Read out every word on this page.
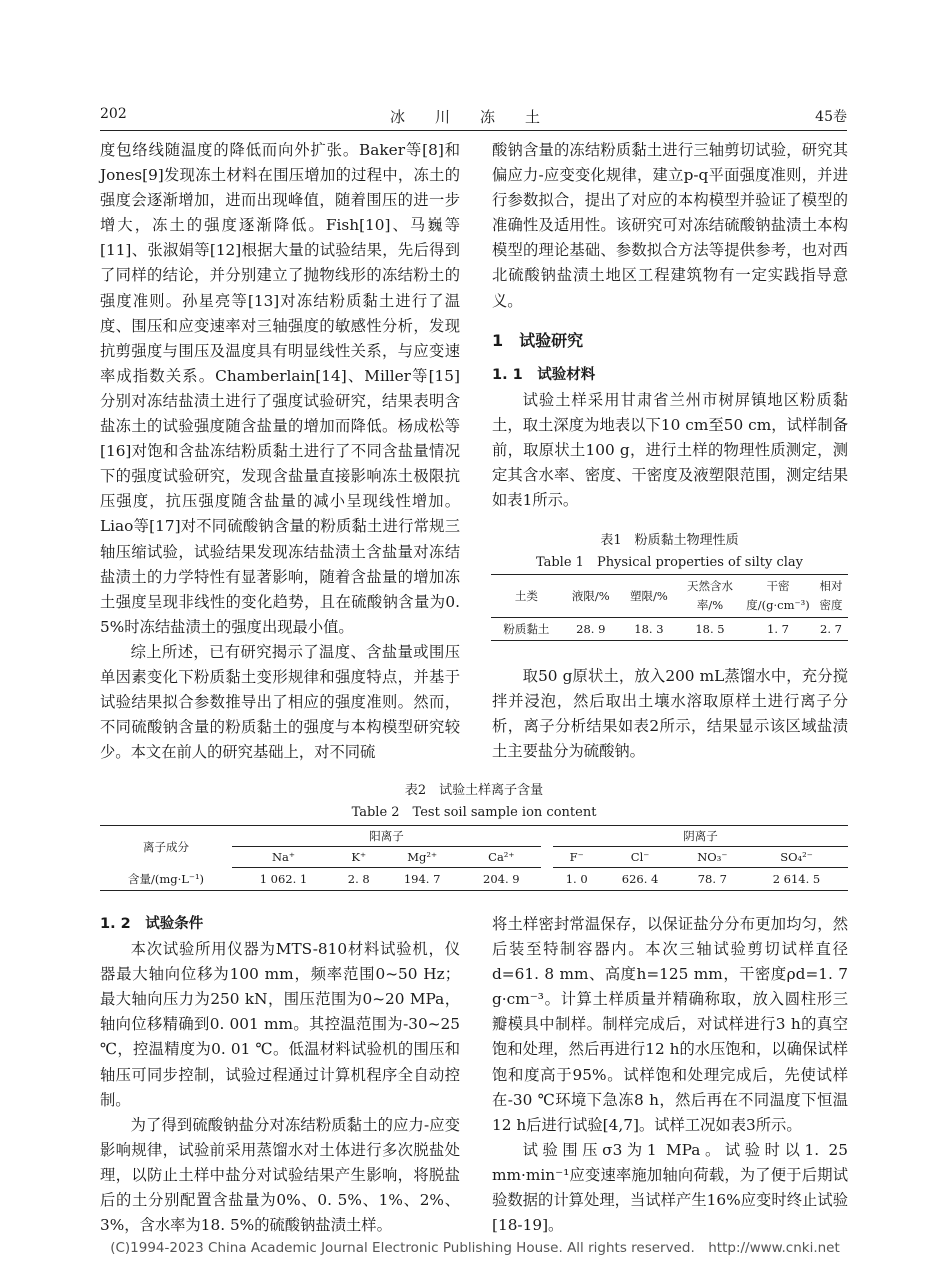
202	冰　　川　　冻　　土	45卷

度包络线随温度的降低而向外扩张。Baker等[8]和Jones[9]发现冻土材料在围压增加的过程中，冻土的强度会逐渐增加，进而出现峰值，随着围压的进一步增大，冻土的强度逐渐降低。Fish[10]、马巍等[11]、张淑娟等[12]根据大量的试验结果，先后得到了同样的结论，并分别建立了抛物线形的冻结粉土的强度准则。孙星亮等[13]对冻结粉质黏土进行了温度、围压和应变速率对三轴强度的敏感性分析，发现抗剪强度与围压及温度具有明显线性关系，与应变速率成指数关系。Chamberlain[14]、Miller等[15]分别对冻结盐渍土进行了强度试验研究，结果表明含盐冻土的试验强度随含盐量的增加而降低。杨成松等[16]对饱和含盐冻结粉质黏土进行了不同含盐量情况下的强度试验研究，发现含盐量直接影响冻土极限抗压强度，抗压强度随含盐量的减小呈现线性增加。Liao等[17]对不同硫酸钠含量的粉质黏土进行常规三轴压缩试验，试验结果发现冻结盐渍土含盐量对冻结盐渍土的力学特性有显著影响，随着含盐量的增加冻土强度呈现非线性的变化趋势，且在硫酸钠含量为0. 5%时冻结盐渍土的强度出现最小值。

综上所述，已有研究揭示了温度、含盐量或围压单因素变化下粉质黏土变形规律和强度特点，并基于试验结果拟合参数推导出了相应的强度准则。然而，不同硫酸钠含量的粉质黏土的强度与本构模型研究较少。本文在前人的研究基础上，对不同硫

酸钠含量的冻结粉质黏土进行三轴剪切试验，研究其偏应力-应变变化规律，建立p-q平面强度准则，并进行参数拟合，提出了对应的本构模型并验证了模型的准确性及适用性。该研究可对冻结硫酸钠盐渍土本构模型的理论基础、参数拟合方法等提供参考，也对西北硫酸钠盐渍土地区工程建筑物有一定实践指导意义。

1　试验研究

1. 1　试验材料

试验土样采用甘肃省兰州市树屏镇地区粉质黏土，取土深度为地表以下10 cm至50 cm，试样制备前，取原状土100 g，进行土样的物理性质测定，测定其含水率、密度、干密度及液塑限范围，测定结果如表1所示。

表1　粉质黏土物理性质
Table 1　Physical properties of silty clay
土类	液限/%	塑限/%	天然含水率/%	干密度/(g·cm⁻³)	相对密度
粉质黏土	28. 9	18. 3	18. 5	1. 7	2. 7

取50 g原状土，放入200 mL蒸馏水中，充分搅拌并浸泡，然后取出土壤水溶取原样土进行离子分析，离子分析结果如表2所示，结果显示该区域盐渍土主要盐分为硫酸钠。

表2　试验土样离子含量
Table 2　Test soil sample ion content
离子成分	阳离子					阴离子			
	Na⁺	K⁺	Mg²⁺	Ca²⁺		F⁻	Cl⁻	NO₃⁻	SO₄²⁻
含量/(mg·L⁻¹)	1 062. 1	2. 8	194. 7	204. 9		1. 0	626. 4	78. 7	2 614. 5

1. 2　试验条件

本次试验所用仪器为MTS-810材料试验机，仪器最大轴向位移为100 mm，频率范围0~50 Hz；最大轴向压力为250 kN，围压范围为0~20 MPa，轴向位移精确到0. 001 mm。其控温范围为-30~25 ℃，控温精度为0. 01 ℃。低温材料试验机的围压和轴压可同步控制，试验过程通过计算机程序全自动控制。

为了得到硫酸钠盐分对冻结粉质黏土的应力-应变影响规律，试验前采用蒸馏水对土体进行多次脱盐处理，以防止土样中盐分对试验结果产生影响，将脱盐后的土分别配置含盐量为0%、0. 5%、1%、2%、3%，含水率为18. 5%的硫酸钠盐渍土样。

将土样密封常温保存，以保证盐分分布更加均匀，然后装至特制容器内。本次三轴试验剪切试样直径d=61. 8 mm、高度h=125 mm，干密度ρd=1. 7 g·cm⁻³。计算土样质量并精确称取，放入圆柱形三瓣模具中制样。制样完成后，对试样进行3 h的真空饱和处理，然后再进行12 h的水压饱和，以确保试样饱和度高于95%。试样饱和处理完成后，先使试样在-30 ℃环境下急冻8 h，然后再在不同温度下恒温12 h后进行试验[4,7]。试样工况如表3所示。

试验围压σ3为1 MPa。试验时以1. 25 mm·min⁻¹应变速率施加轴向荷载，为了便于后期试验数据的计算处理，当试样产生16%应变时终止试验[18-19]。

(C)1994-2023 China Academic Journal Electronic Publishing House. All rights reserved.　http://www.cnki.net
